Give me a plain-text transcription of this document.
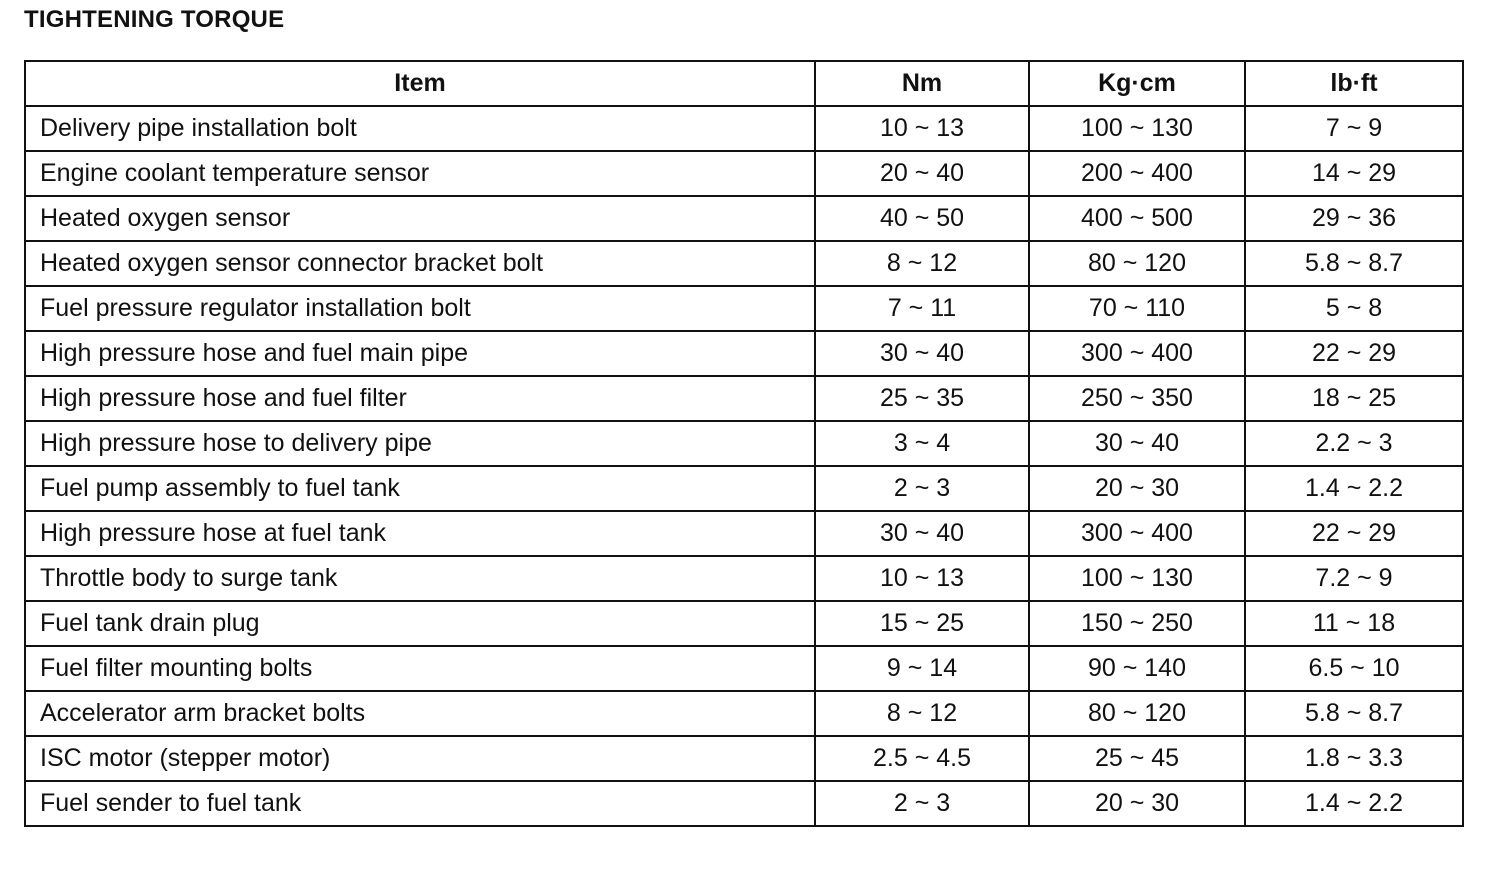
TIGHTENING TORQUE
Item	Nm	Kg·cm	lb·ft
Delivery pipe installation bolt	10 ~ 13	100 ~ 130	7 ~ 9
Engine coolant temperature sensor	20 ~ 40	200 ~ 400	14 ~ 29
Heated oxygen sensor	40 ~ 50	400 ~ 500	29 ~ 36
Heated oxygen sensor connector bracket bolt	8 ~ 12	80 ~ 120	5.8 ~ 8.7
Fuel pressure regulator installation bolt	7 ~ 11	70 ~ 110	5 ~ 8
High pressure hose and fuel main pipe	30 ~ 40	300 ~ 400	22 ~ 29
High pressure hose and fuel filter	25 ~ 35	250 ~ 350	18 ~ 25
High pressure hose to delivery pipe	3 ~ 4	30 ~ 40	2.2 ~ 3
Fuel pump assembly to fuel tank	2 ~ 3	20 ~ 30	1.4 ~ 2.2
High pressure hose at fuel tank	30 ~ 40	300 ~ 400	22 ~ 29
Throttle body to surge tank	10 ~ 13	100 ~ 130	7.2 ~ 9
Fuel tank drain plug	15 ~ 25	150 ~ 250	11 ~ 18
Fuel filter mounting bolts	9 ~ 14	90 ~ 140	6.5 ~ 10
Accelerator arm bracket bolts	8 ~ 12	80 ~ 120	5.8 ~ 8.7
ISC motor (stepper motor)	2.5 ~ 4.5	25 ~ 45	1.8 ~ 3.3
Fuel sender to fuel tank	2 ~ 3	20 ~ 30	1.4 ~ 2.2
